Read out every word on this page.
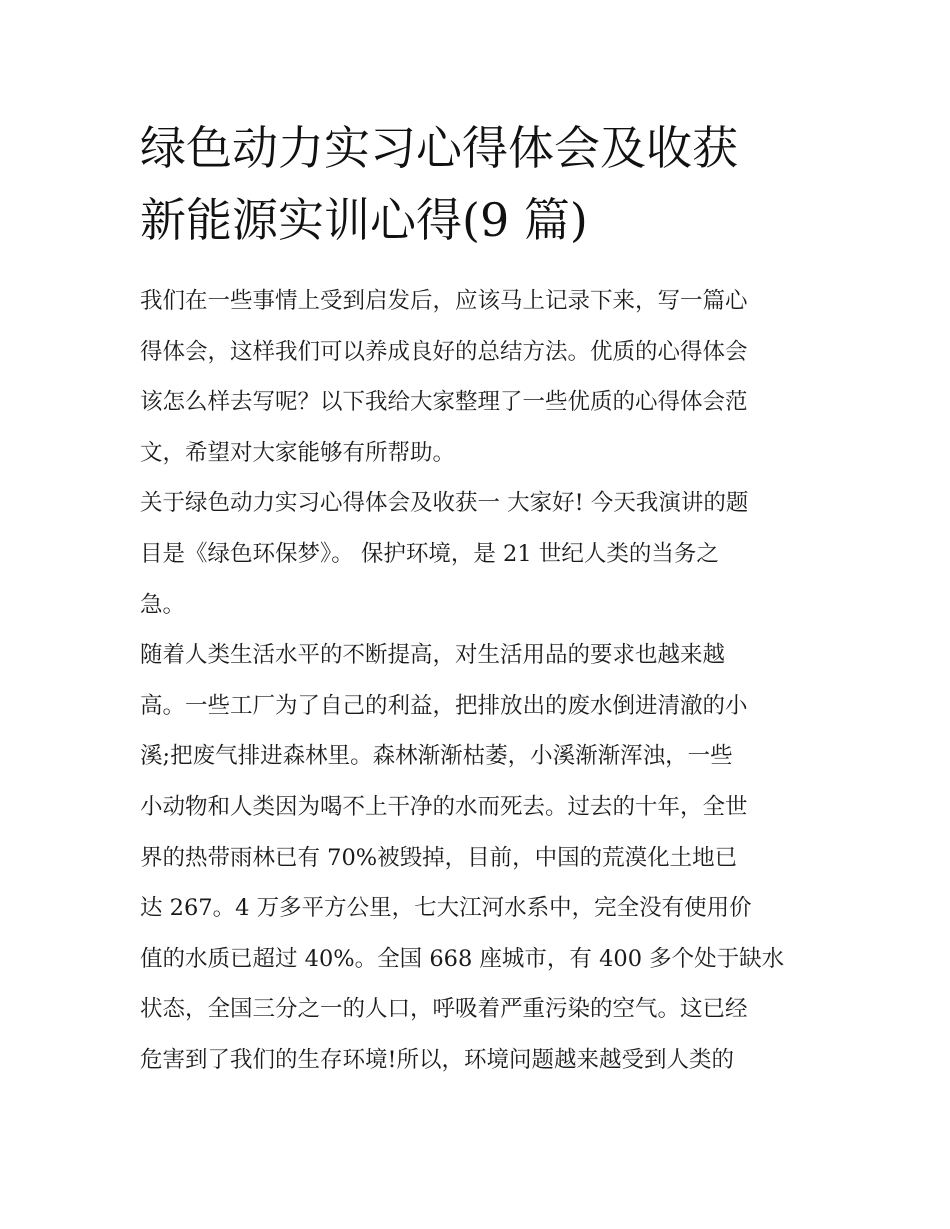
绿色动力实习心得体会及收获
新能源实训心得(9 篇)
我们在一些事情上受到启发后，应该马上记录下来，写一篇心
得体会，这样我们可以养成良好的总结方法。优质的心得体会
该怎么样去写呢？以下我给大家整理了一些优质的心得体会范
文，希望对大家能够有所帮助。
关于绿色动力实习心得体会及收获一 大家好! 今天我演讲的题
目是《绿色环保梦》。 保护环境，是 21 世纪人类的当务之
急。
随着人类生活水平的不断提高，对生活用品的要求也越来越
高。一些工厂为了自己的利益，把排放出的废水倒进清澈的小
溪;把废气排进森林里。森林渐渐枯萎，小溪渐渐浑浊，一些
小动物和人类因为喝不上干净的水而死去。过去的十年，全世
界的热带雨林已有 70%被毁掉，目前，中国的荒漠化土地已
达 267。4 万多平方公里，七大江河水系中，完全没有使用价
值的水质已超过 40%。全国 668 座城市，有 400 多个处于缺水
状态，全国三分之一的人口，呼吸着严重污染的空气。这已经
危害到了我们的生存环境!所以，环境问题越来越受到人类的
